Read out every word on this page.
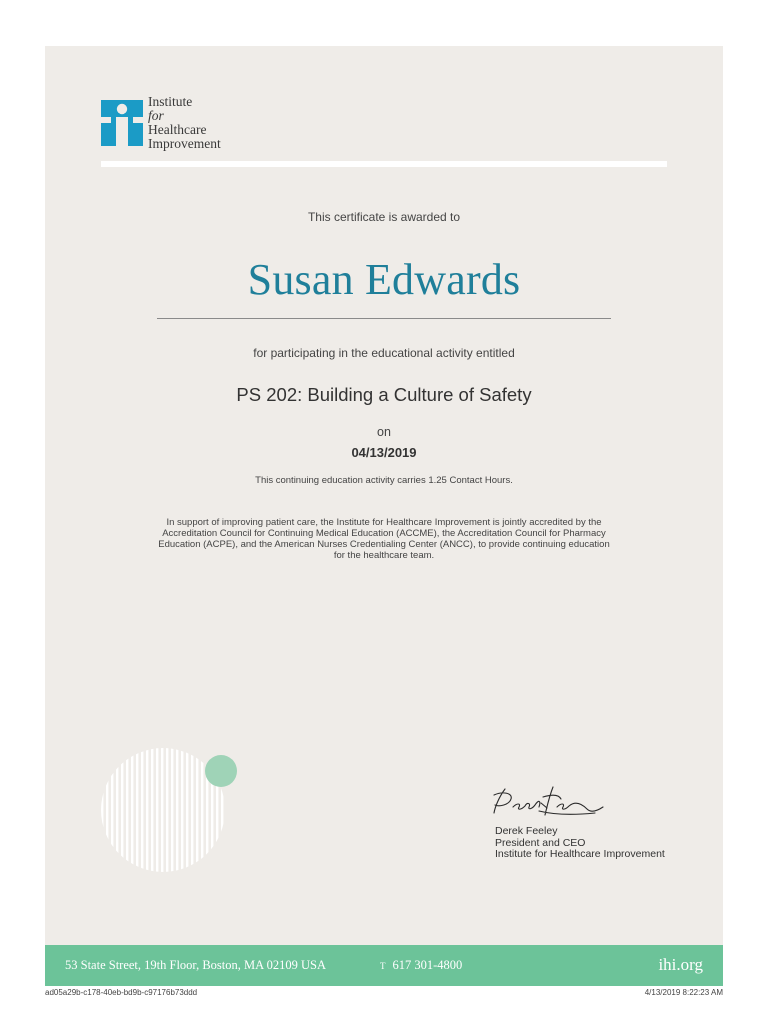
Institute
for
Healthcare
Improvement
This certificate is awarded to
Susan Edwards
for participating in the educational activity entitled
PS 202: Building a Culture of Safety
on
04/13/2019
This continuing education activity carries 1.25 Contact Hours.
In support of improving patient care, the Institute for Healthcare Improvement is jointly accredited by the Accreditation Council for Continuing Medical Education (ACCME), the Accreditation Council for Pharmacy Education (ACPE), and the American Nurses Credentialing Center (ANCC), to provide continuing education for the healthcare team.
Derek Feeley
President and CEO
Institute for Healthcare Improvement
53 State Street, 19th Floor, Boston, MA 02109 USA	T 617 301-4800	ihi.org
ad05a29b-c178-40eb-bd9b-c97176b73ddd	4/13/2019 8:22:23 AM
